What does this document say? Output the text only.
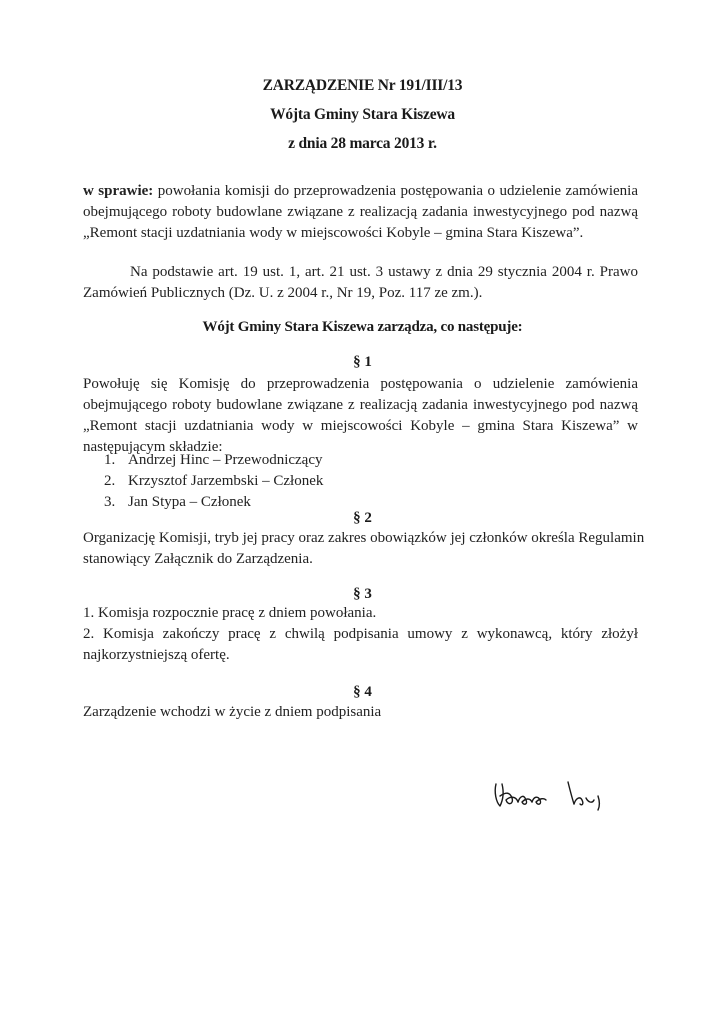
ZARZĄDZENIE Nr 191/III/13
Wójta Gminy Stara Kiszewa
z dnia 28 marca 2013 r.
w sprawie: powołania komisji do przeprowadzenia postępowania o udzielenie zamówienia
obejmującego roboty budowlane związane z realizacją zadania inwestycyjnego pod nazwą
„Remont stacji uzdatniania wody w miejscowości Kobyle – gmina Stara Kiszewa”.
Na podstawie art. 19 ust. 1, art. 21 ust. 3 ustawy z dnia 29 stycznia 2004 r. Prawo
Zamówień Publicznych (Dz. U. z 2004 r., Nr 19, Poz. 117 ze zm.).
Wójt Gminy Stara Kiszewa zarządza, co następuje:
§ 1
Powołuję się Komisję do przeprowadzenia postępowania o udzielenie zamówienia
obejmującego roboty budowlane związane z realizacją zadania inwestycyjnego pod nazwą
„Remont stacji uzdatniania wody w miejscowości Kobyle – gmina Stara Kiszewa” w
następującym składzie:
1. Andrzej Hinc – Przewodniczący
2. Krzysztof Jarzembski – Członek
3. Jan Stypa – Członek
§ 2
Organizację Komisji, tryb jej pracy oraz zakres obowiązków jej członków określa Regulamin
stanowiący Załącznik do Zarządzenia.
§ 3
1. Komisja rozpocznie pracę z dniem powołania.
2. Komisja zakończy pracę z chwilą podpisania umowy z wykonawcą, który złożył
najkorzystniejszą ofertę.
§ 4
Zarządzenie wchodzi w życie z dniem podpisania
